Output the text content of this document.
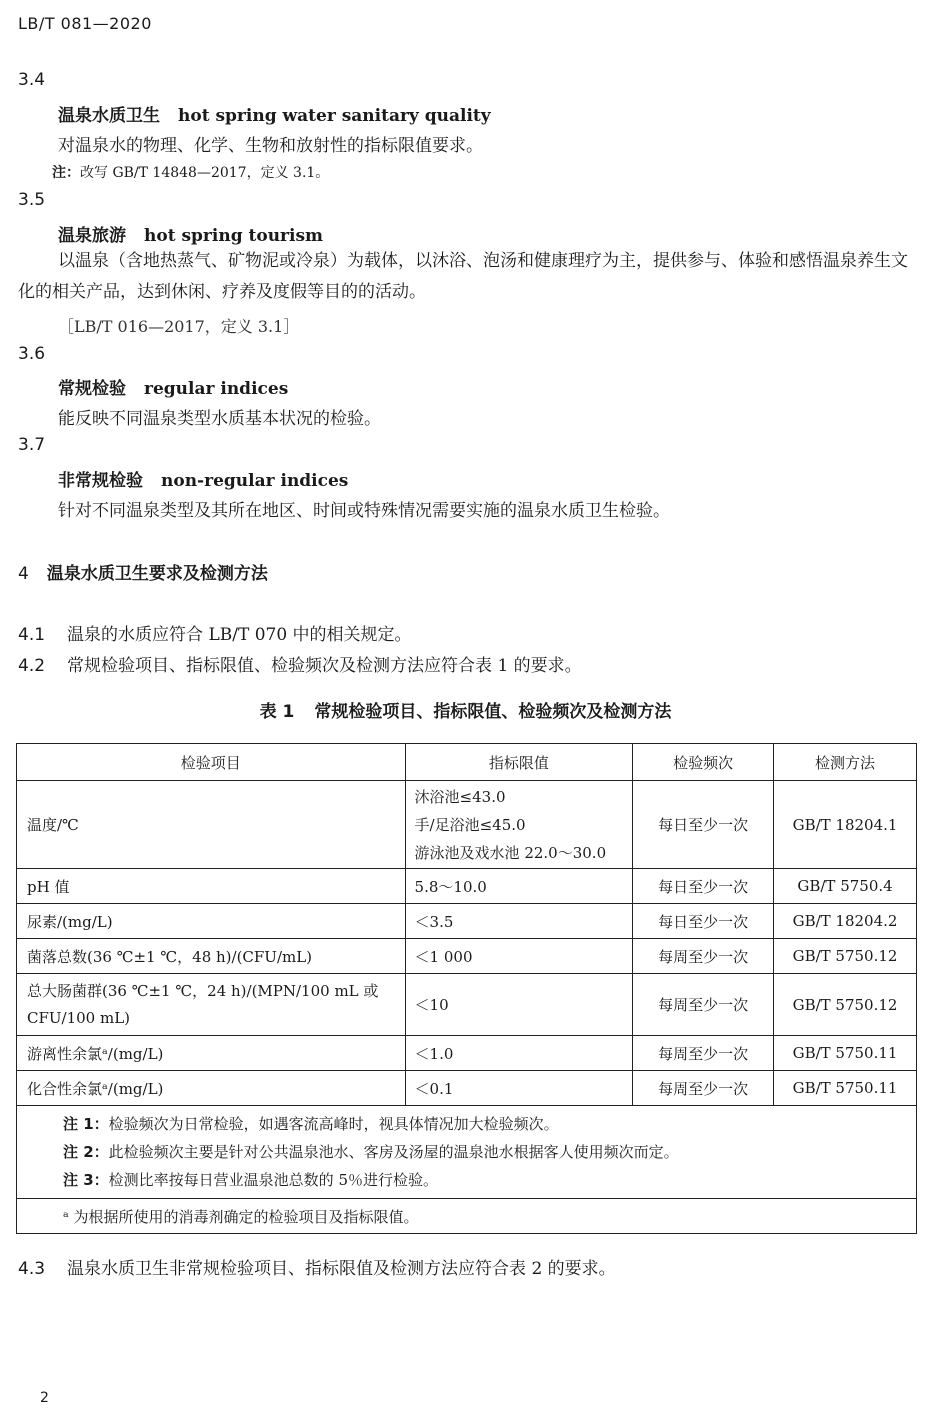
LB/T 081—2020
3.4
温泉水质卫生 hot spring water sanitary quality
对温泉水的物理、化学、生物和放射性的指标限值要求。
注：改写 GB/T 14848—2017，定义 3.1。
3.5
温泉旅游 hot spring tourism
以温泉（含地热蒸气、矿物泥或冷泉）为载体，以沐浴、泡汤和健康理疗为主，提供参与、体验和感悟温泉养生文化的相关产品，达到休闲、疗养及度假等目的的活动。
［LB/T 016—2017，定义 3.1］
3.6
常规检验 regular indices
能反映不同温泉类型水质基本状况的检验。
3.7
非常规检验 non-regular indices
针对不同温泉类型及其所在地区、时间或特殊情况需要实施的温泉水质卫生检验。
4 温泉水质卫生要求及检测方法
4.1 温泉的水质应符合 LB/T 070 中的相关规定。
4.2 常规检验项目、指标限值、检验频次及检测方法应符合表 1 的要求。
表 1 常规检验项目、指标限值、检验频次及检测方法
检验项目	指标限值	检验频次	检测方法
温度/℃	沐浴池≤43.0
手/足浴池≤45.0
游泳池及戏水池 22.0～30.0	每日至少一次	GB/T 18204.1
pH 值	5.8～10.0	每日至少一次	GB/T 5750.4
尿素/(mg/L)	＜3.5	每日至少一次	GB/T 18204.2
菌落总数(36 ℃±1 ℃，48 h)/(CFU/mL)	＜1 000	每周至少一次	GB/T 5750.12
总大肠菌群(36 ℃±1 ℃，24 h)/(MPN/100 mL 或 CFU/100 mL)	＜10	每周至少一次	GB/T 5750.12
游离性余氯ᵃ/(mg/L)	＜1.0	每周至少一次	GB/T 5750.11
化合性余氯ᵃ/(mg/L)	＜0.1	每周至少一次	GB/T 5750.11

注 1：检验频次为日常检验，如遇客流高峰时，视具体情况加大检验频次。
注 2：此检验频次主要是针对公共温泉池水、客房及汤屋的温泉池水根据客人使用频次而定。
注 3：检测比率按每日营业温泉池总数的 5％进行检验。			

ᵃ 为根据所使用的消毒剂确定的检验项目及指标限值。			
4.3 温泉水质卫生非常规检验项目、指标限值及检测方法应符合表 2 的要求。
2
